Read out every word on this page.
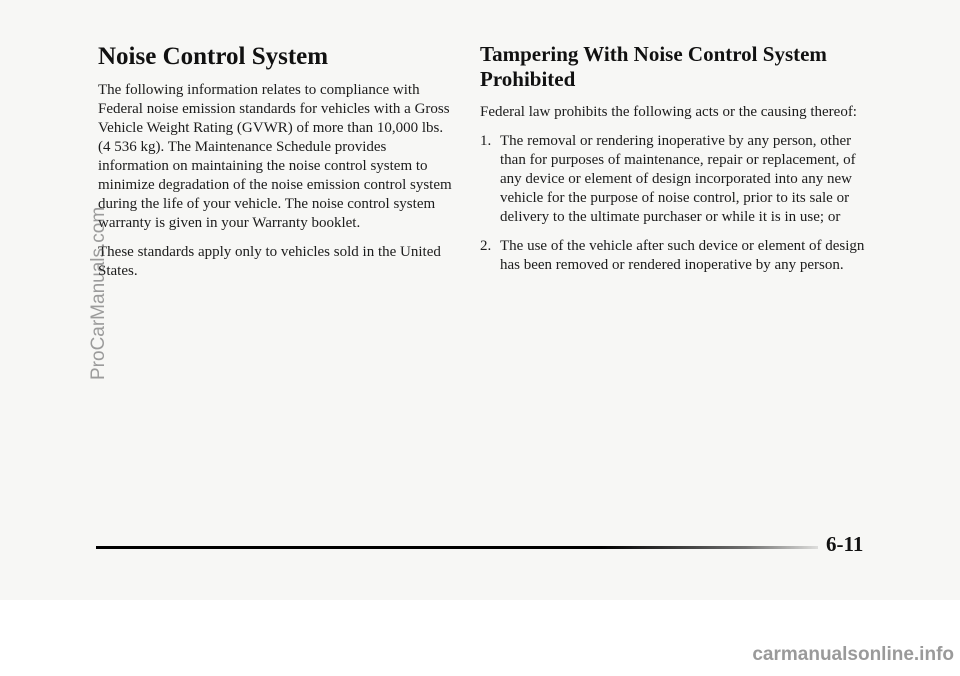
Noise Control System

The following information relates to compliance with Federal noise emission standards for vehicles with a Gross Vehicle Weight Rating (GVWR) of more than 10,000 lbs. (4 536 kg). The Maintenance Schedule provides information on maintaining the noise control system to minimize degradation of the noise emission control system during the life of your vehicle. The noise control system warranty is given in your Warranty booklet.

These standards apply only to vehicles sold in the United States.

Tampering With Noise Control System Prohibited

Federal law prohibits the following acts or the causing thereof:

1. The removal or rendering inoperative by any person, other than for purposes of maintenance, repair or replacement, of any device or element of design incorporated into any new vehicle for the purpose of noise control, prior to its sale or delivery to the ultimate purchaser or while it is in use; or
2. The use of the vehicle after such device or element of design has been removed or rendered inoperative by any person.
6-11
ProCarManuals.com
carmanualsonline.info
